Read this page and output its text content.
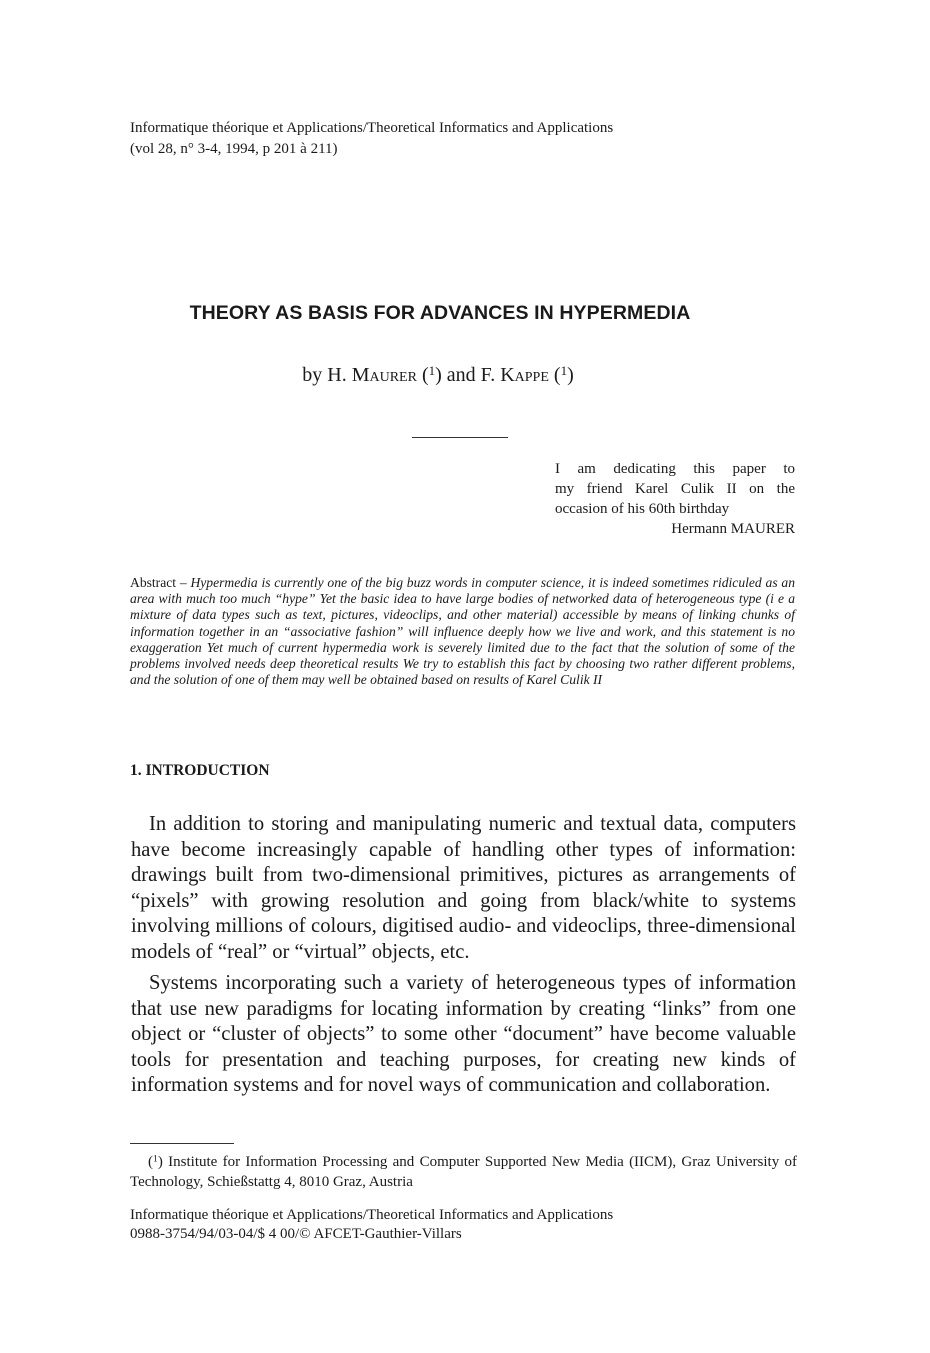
Informatique théorique et Applications/Theoretical Informatics and Applications
(vol 28, n° 3-4, 1994, p 201 à 211)
THEORY AS BASIS FOR ADVANCES IN HYPERMEDIA
by H. Maurer ($^1$) and F. Kappe ($^1$)
I am dedicating this paper to
my friend Karel Culik II on the
occasion of his 60th birthday
Hermann MAURER
Abstract – Hypermedia is currently one of the big buzz words in computer science, it is indeed sometimes ridiculed as an area with much too much “hype” Yet the basic idea to have large bodies of networked data of heterogeneous type (i e a mixture of data types such as text, pictures, videoclips, and other material) accessible by means of linking chunks of information together in an “associative fashion” will influence deeply how we live and work, and this statement is no exaggeration Yet much of current hypermedia work is severely limited due to the fact that the solution of some of the problems involved needs deep theoretical results We try to establish this fact by choosing two rather different problems, and the solution of one of them may well be obtained based on results of Karel Culik II
1. INTRODUCTION
In addition to storing and manipulating numeric and textual data, computers have become increasingly capable of handling other types of information: drawings built from two-dimensional primitives, pictures as arrangements of “pixels” with growing resolution and going from black/white to systems involving millions of colours, digitised audio- and videoclips, three-dimensional models of “real” or “virtual” objects, etc.
Systems incorporating such a variety of heterogeneous types of information that use new paradigms for locating information by creating “links” from one object or “cluster of objects” to some other “document” have become valuable tools for presentation and teaching purposes, for creating new kinds of information systems and for novel ways of communication and collaboration.
($^1$) Institute for Information Processing and Computer Supported New Media (IICM), Graz University of Technology, Schießstattg 4, 8010 Graz, Austria
Informatique théorique et Applications/Theoretical Informatics and Applications
0988-3754/94/03-04/$ 4 00/© AFCET-Gauthier-Villars
